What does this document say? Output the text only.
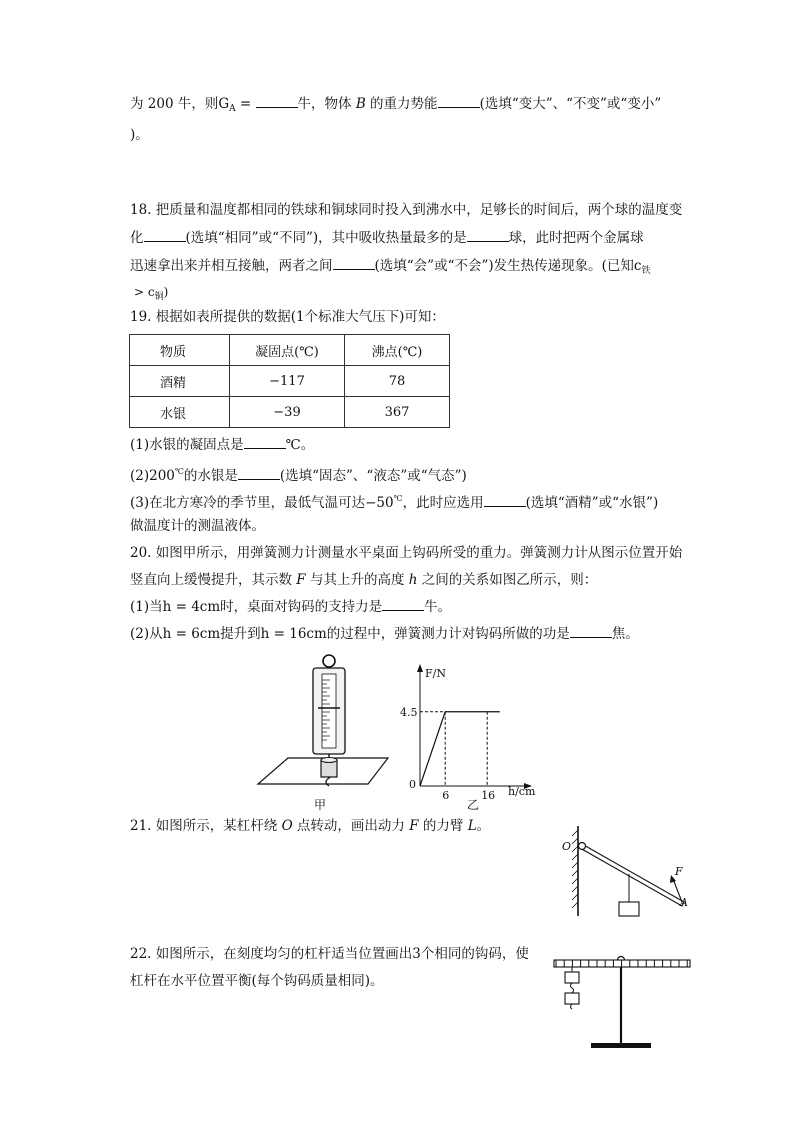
为 200 牛，则$G_A$ =	牛，物体 B 的重力势能	(选填“变大”、“不变”或“变小”
)。
18. 把质量和温度都相同的铁球和铜球同时投入到沸水中，足够长的时间后，两个球的温度变
化	(选填“相同”或“不同”)，其中吸收热量最多的是	球，此时把两个金属球
迅速拿出来并相互接触，两者之间	(选填“会”或“不会”)发生热传递现象。(已知$c_铁$
> $c_铜$)
19. 根据如表所提供的数据(1个标准大气压下)可知：
物质	凝固点(℃)	沸点(℃)
酒精	−117	78
水银	−39	367
(1)水银的凝固点是	℃。
(2)200℃的水银是	(选填“固态”、“液态”或“气态”)
(3)在北方寒冷的季节里，最低气温可达−50℃，此时应选用	(选填“酒精”或“水银”)
做温度计的测温液体。
20. 如图甲所示，用弹簧测力计测量水平桌面上钩码所受的重力。弹簧测力计从图示位置开始
竖直向上缓慢提升，其示数 F 与其上升的高度 h 之间的关系如图乙所示，则：
(1)当h = 4cm时，桌面对钩码的支持力是	牛。
(2)从h = 6cm提升到h = 16cm的过程中，弹簧测力计对钩码所做的功是	焦。
甲
F/N
h/cm
0
4.5
6	16
乙
21. 如图所示，某杠杆绕 O 点转动，画出动力 F 的力臂 L。
O
F
A
22. 如图所示，在刻度均匀的杠杆适当位置画出3个相同的钩码，使
杠杆在水平位置平衡(每个钩码质量相同)。
